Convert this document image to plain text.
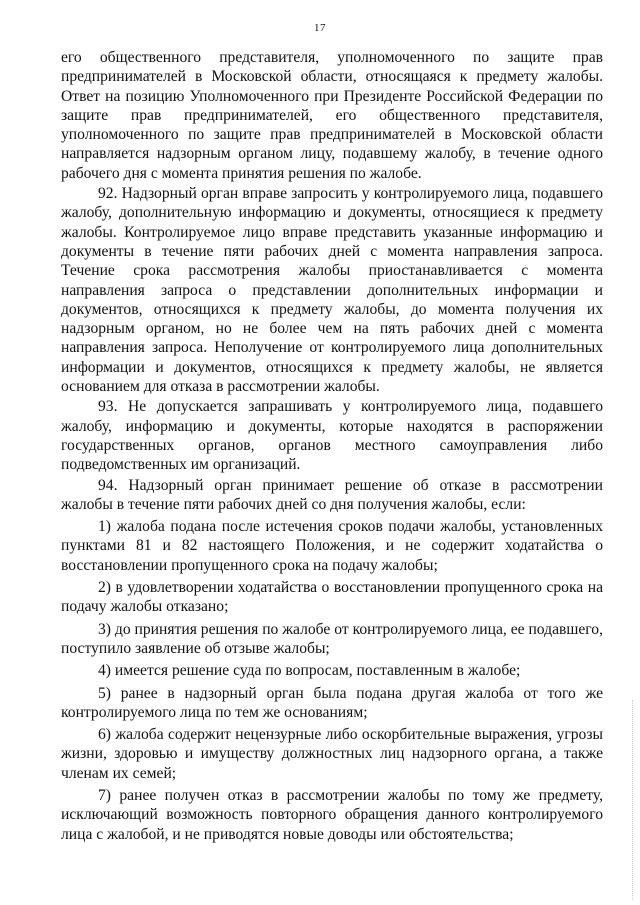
17

его общественного представителя, уполномоченного по защите прав предпринимателей в Московской области, относящаяся к предмету жалобы. Ответ на позицию Уполномоченного при Президенте Российской Федерации по защите прав предпринимателей, его общественного представителя, уполномоченного по защите прав предпринимателей в Московской области направляется надзорным органом лицу, подавшему жалобу, в течение одного рабочего дня с момента принятия решения по жалобе.

92. Надзорный орган вправе запросить у контролируемого лица, подавшего жалобу, дополнительную информацию и документы, относящиеся к предмету жалобы. Контролируемое лицо вправе представить указанные информацию и документы в течение пяти рабочих дней с момента направления запроса. Течение срока рассмотрения жалобы приостанавливается с момента направления запроса о представлении дополнительных информации и документов, относящихся к предмету жалобы, до момента получения их надзорным органом, но не более чем на пять рабочих дней с момента направления запроса. Неполучение от контролируемого лица дополнительных информации и документов, относящихся к предмету жалобы, не является основанием для отказа в рассмотрении жалобы.

93. Не допускается запрашивать у контролируемого лица, подавшего жалобу, информацию и документы, которые находятся в распоряжении государственных органов, органов местного самоуправления либо подведомственных им организаций.

94. Надзорный орган принимает решение об отказе в рассмотрении жалобы в течение пяти рабочих дней со дня получения жалобы, если:

1) жалоба подана после истечения сроков подачи жалобы, установленных пунктами 81 и 82 настоящего Положения, и не содержит ходатайства о восстановлении пропущенного срока на подачу жалобы;

2) в удовлетворении ходатайства о восстановлении пропущенного срока на подачу жалобы отказано;

3) до принятия решения по жалобе от контролируемого лица, ее подавшего, поступило заявление об отзыве жалобы;

4) имеется решение суда по вопросам, поставленным в жалобе;

5) ранее в надзорный орган была подана другая жалоба от того же контролируемого лица по тем же основаниям;

6) жалоба содержит нецензурные либо оскорбительные выражения, угрозы жизни, здоровью и имуществу должностных лиц надзорного органа, а также членам их семей;

7) ранее получен отказ в рассмотрении жалобы по тому же предмету, исключающий возможность повторного обращения данного контролируемого лица с жалобой, и не приводятся новые доводы или обстоятельства;
